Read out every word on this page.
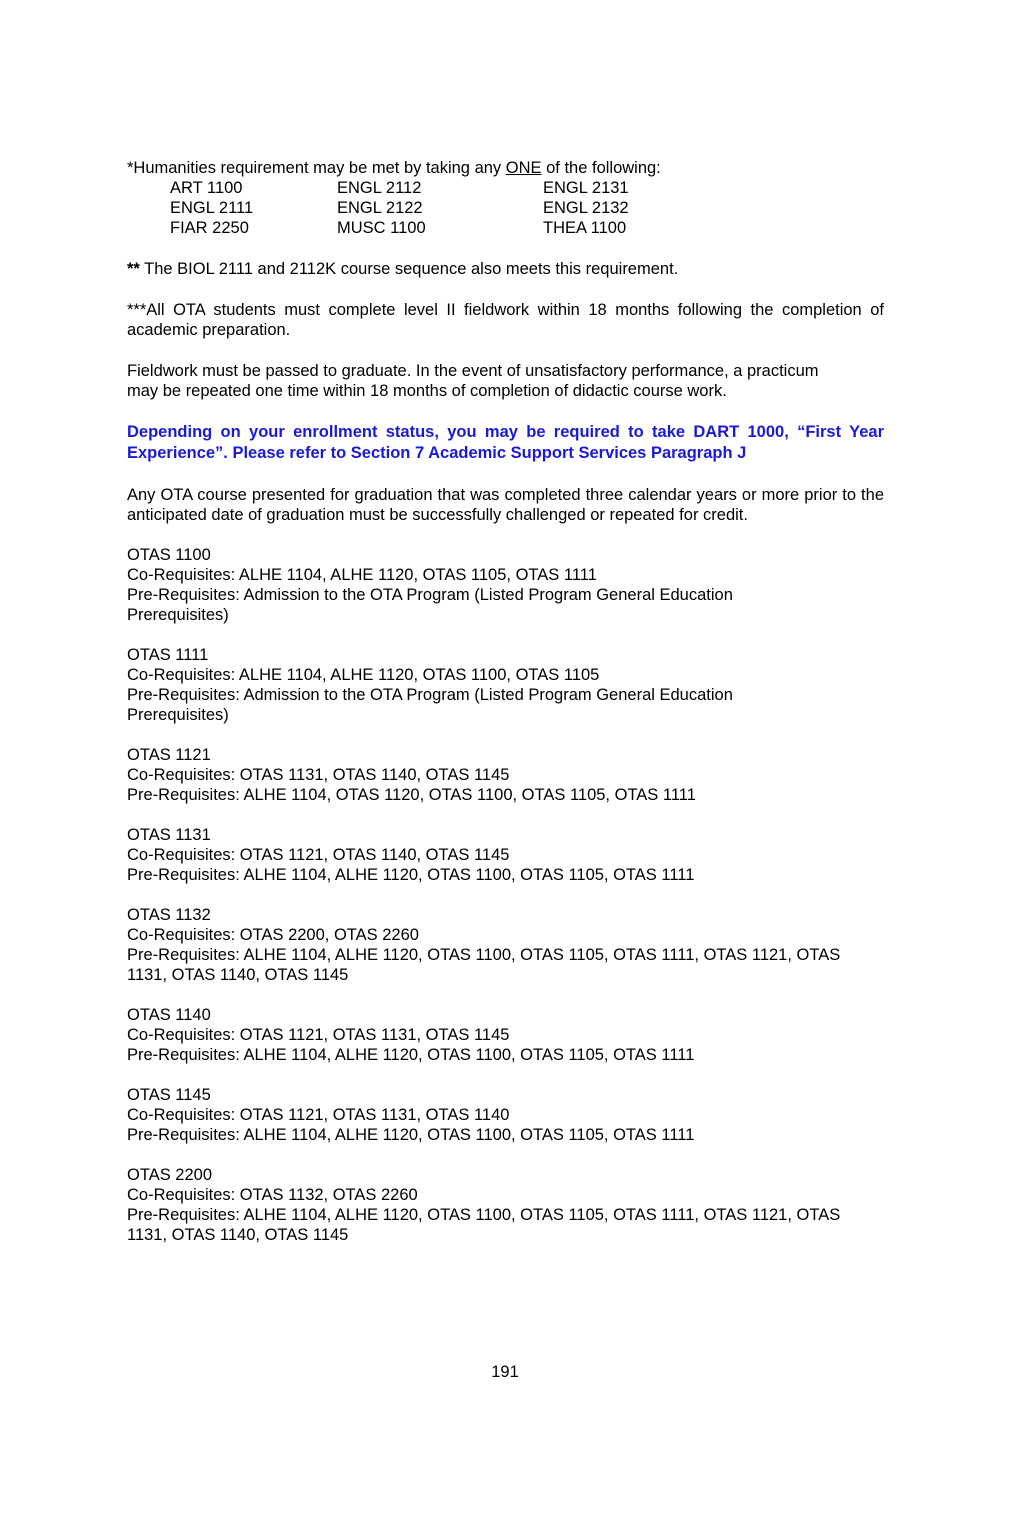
*Humanities requirement may be met by taking any ONE of the following:

ART 1100	ENGL 2112	ENGL 2131
ENGL 2111	ENGL 2122	ENGL 2132
FIAR 2250	MUSC 1100	THEA 1100

** The BIOL 2111 and 2112K course sequence also meets this requirement.

***All OTA students must complete level II fieldwork within 18 months following the completion of academic preparation.

Fieldwork must be passed to graduate. In the event of unsatisfactory performance, a practicum may be repeated one time within 18 months of completion of didactic course work.

Depending on your enrollment status, you may be required to take DART 1000, “First Year Experience”. Please refer to Section 7 Academic Support Services Paragraph J

Any OTA course presented for graduation that was completed three calendar years or more prior to the anticipated date of graduation must be successfully challenged or repeated for credit.

OTAS 1100
Co-Requisites: ALHE 1104, ALHE 1120, OTAS 1105, OTAS 1111
Pre-Requisites: Admission to the OTA Program (Listed Program General Education Prerequisites)
OTAS 1111
Co-Requisites: ALHE 1104, ALHE 1120, OTAS 1100, OTAS 1105
Pre-Requisites: Admission to the OTA Program (Listed Program General Education Prerequisites)
OTAS 1121
Co-Requisites: OTAS 1131, OTAS 1140, OTAS 1145
Pre-Requisites: ALHE 1104, OTAS 1120, OTAS 1100, OTAS 1105, OTAS 1111
OTAS 1131
Co-Requisites: OTAS 1121, OTAS 1140, OTAS 1145
Pre-Requisites: ALHE 1104, ALHE 1120, OTAS 1100, OTAS 1105, OTAS 1111
OTAS 1132
Co-Requisites: OTAS 2200, OTAS 2260
Pre-Requisites: ALHE 1104, ALHE 1120, OTAS 1100, OTAS 1105, OTAS 1111, OTAS 1121, OTAS 1131, OTAS 1140, OTAS 1145
OTAS 1140
Co-Requisites: OTAS 1121, OTAS 1131, OTAS 1145
Pre-Requisites: ALHE 1104, ALHE 1120, OTAS 1100, OTAS 1105, OTAS 1111
OTAS 1145
Co-Requisites: OTAS 1121, OTAS 1131, OTAS 1140
Pre-Requisites: ALHE 1104, ALHE 1120, OTAS 1100, OTAS 1105, OTAS 1111
OTAS 2200
Co-Requisites: OTAS 1132, OTAS 2260
Pre-Requisites: ALHE 1104, ALHE 1120, OTAS 1100, OTAS 1105, OTAS 1111, OTAS 1121, OTAS 1131, OTAS 1140, OTAS 1145
191
